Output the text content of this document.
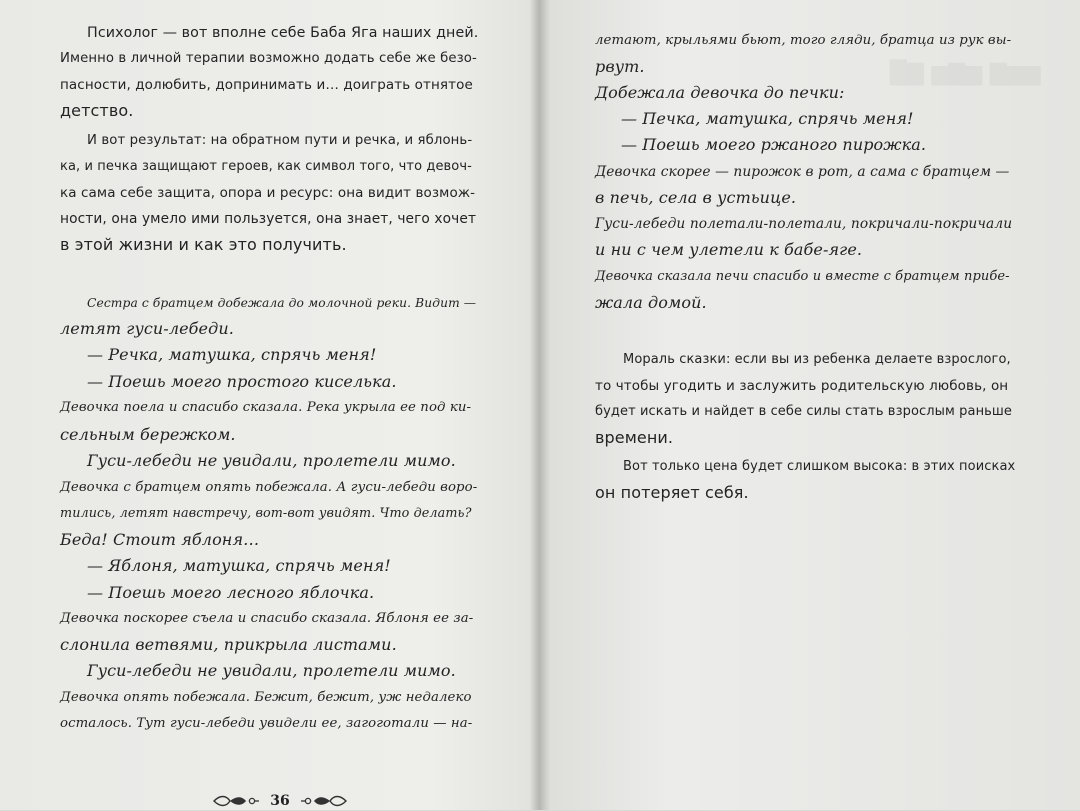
█▇ ▆▇▆ ▇▆▆
Психолог — вот вполне себе Баба Яга наших дней.
Именно в личной терапии возможно додать себе же безо-
пасности, долюбить, допринимать и… доиграть отнятое
детство.
И вот результат: на обратном пути и речка, и яблонь-
ка, и печка защищают героев, как символ того, что девоч-
ка сама себе защита, опора и ресурс: она видит возмож-
ности, она умело ими пользуется, она знает, чего хочет
в этой жизни и как это получить.
Сестра с братцем добежала до молочной реки. Видит —
летят гуси-лебеди.
— Речка, матушка, спрячь меня!
— Поешь моего простого киселька.
Девочка поела и спасибо сказала. Река укрыла ее под ки-
сельным бережком.
Гуси-лебеди не увидали, пролетели мимо.
Девочка с братцем опять побежала. А гуси-лебеди воро-
тились, летят навстречу, вот-вот увидят. Что делать?
Беда! Стоит яблоня…
— Яблоня, матушка, спрячь меня!
— Поешь моего лесного яблочка.
Девочка поскорее съела и спасибо сказала. Яблоня ее за-
слонила ветвями, прикрыла листами.
Гуси-лебеди не увидали, пролетели мимо.
Девочка опять побежала. Бежит, бежит, уж недалеко
осталось. Тут гуси-лебеди увидели ее, загоготали — на-
36
летают, крыльями бьют, того гляди, братца из рук вы-
рвут.
Добежала девочка до печки:
— Печка, матушка, спрячь меня!
— Поешь моего ржаного пирожка.
Девочка скорее — пирожок в рот, а сама с братцем —
в печь, села в устьице.
Гуси-лебеди полетали-полетали, покричали-покричали
и ни с чем улетели к бабе-яге.
Девочка сказала печи спасибо и вместе с братцем прибе-
жала домой.
Мораль сказки: если вы из ребенка делаете взрослого,
то чтобы угодить и заслужить родительскую любовь, он
будет искать и найдет в себе силы стать взрослым раньше
времени.
Вот только цена будет слишком высока: в этих поисках
он потеряет себя.
